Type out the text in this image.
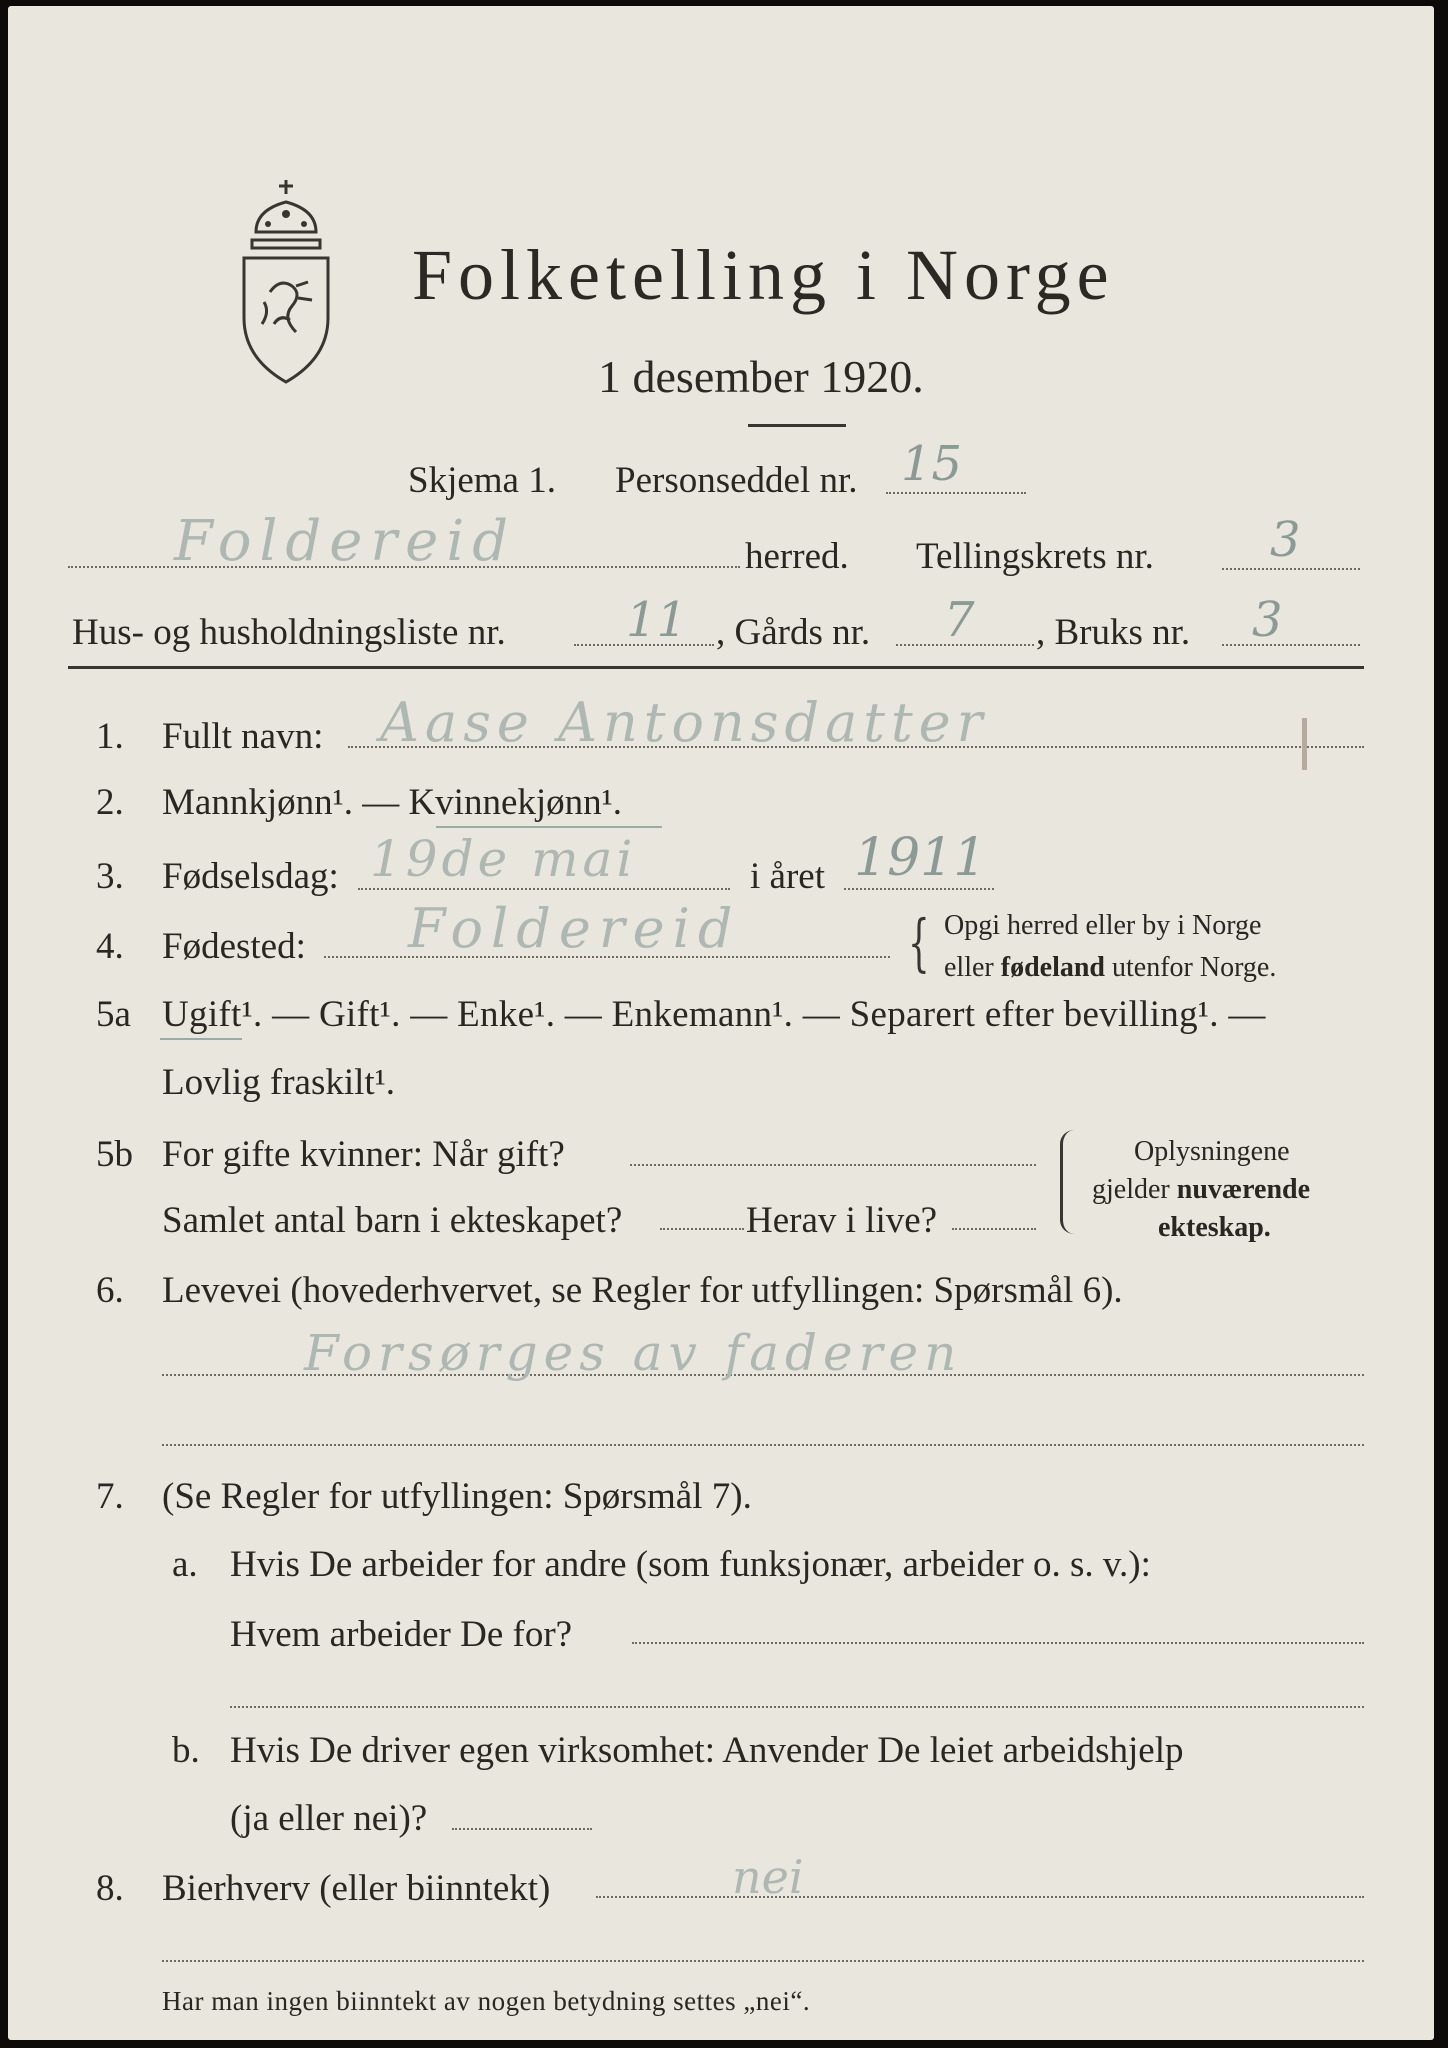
Folketelling i Norge
1 desember 1920.
Skjema 1. Personseddel nr. 15
Foldereid	herred. Tellingskrets nr. 3
Hus- og husholdningsliste nr.	11 , Gårds nr. 7 , Bruks nr. 3
1. Fullt navn: Aase Antonsdatter
2. Mannkjønn¹. — Kvinnekjønn¹.
3. Fødselsdag: 19de mai	i året 1911
4. Fødested: Foldereid	{ Opgi herred eller by i Norge
eller fødeland utenfor Norge.
5a Ugift¹. — Gift¹. — Enke¹. — Enkemann¹. — Separert efter bevilling¹. —
Lovlig fraskilt¹.
5b For gifte kvinner: Når gift?
Samlet antal barn i ekteskapet?	Herav i live?
Oplysningene
gjelder nuværende
ekteskap.
6. Levevei (hovederhvervet, se Regler for utfyllingen: Spørsmål 6).
Forsørges av faderen
7. (Se Regler for utfyllingen: Spørsmål 7).
a. Hvis De arbeider for andre (som funksjonær, arbeider o. s. v.):
Hvem arbeider De for?
b. Hvis De driver egen virksomhet: Anvender De leiet arbeidshjelp
(ja eller nei)?
8. Bierhverv (eller biinntekt)	nei
Har man ingen biinntekt av nogen betydning settes „nei“.
